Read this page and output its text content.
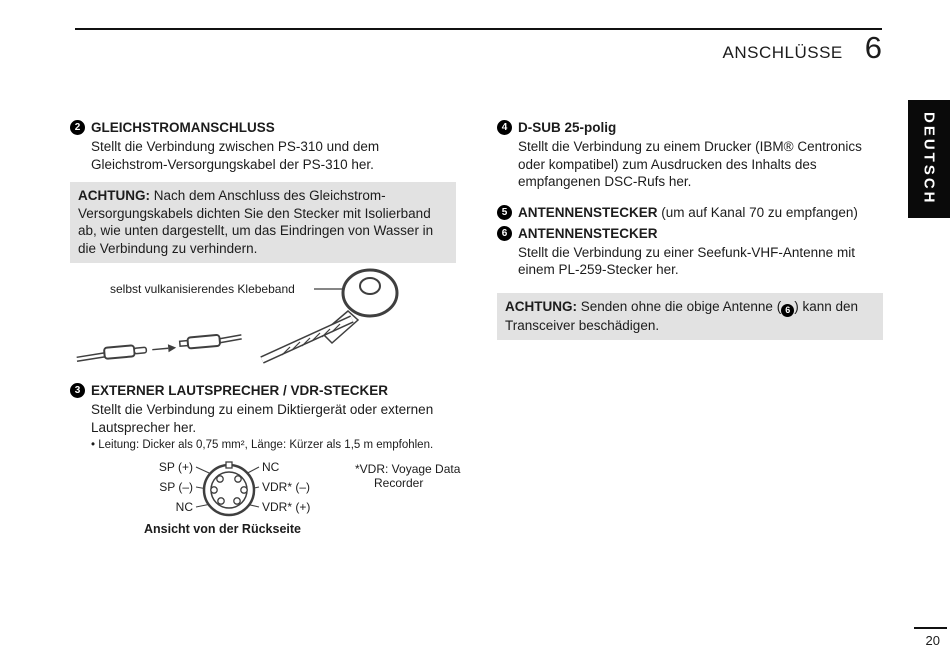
ANSCHLÜSSE 6
DEUTSCH
2 GLEICHSTROMANSCHLUSS

Stellt die Verbindung zwischen PS-310 und dem Gleichstrom-Versorgungskabel der PS-310 her.

ACHTUNG: Nach dem Anschluss des Gleichstrom-Versorgungskabels dichten Sie den Stecker mit Isolierband ab, wie unten dargestellt, um das Eindringen von Wasser in die Verbindung zu verhindern.
selbst vulkanisierendes Klebeband
3 EXTERNER LAUTSPRECHER / VDR-STECKER

Stellt die Verbindung zu einem Diktiergerät oder externen Lautsprecher her.

• Leitung: Dicker als 0,75 mm², Länge: Kürzer als 1,5 m empfohlen.

SP (+)
SP (–)
NC
NC
VDR* (–)
VDR* (+)
*VDR: Voyage Data
Recorder
Ansicht von der Rückseite
4 D-SUB 25-polig

Stellt die Verbindung zu einem Drucker (IBM® Centronics oder kompatibel) zum Ausdrucken des Inhalts des empfangenen DSC-Rufs her.

5 ANTENNENSTECKER (um auf Kanal 70 zu empfangen)
6 ANTENNENSTECKER

Stellt die Verbindung zu einer Seefunk-VHF-Antenne mit einem PL-259-Stecker her.

ACHTUNG: Senden ohne die obige Antenne ( 6 ) kann den Transceiver beschädigen.
20
